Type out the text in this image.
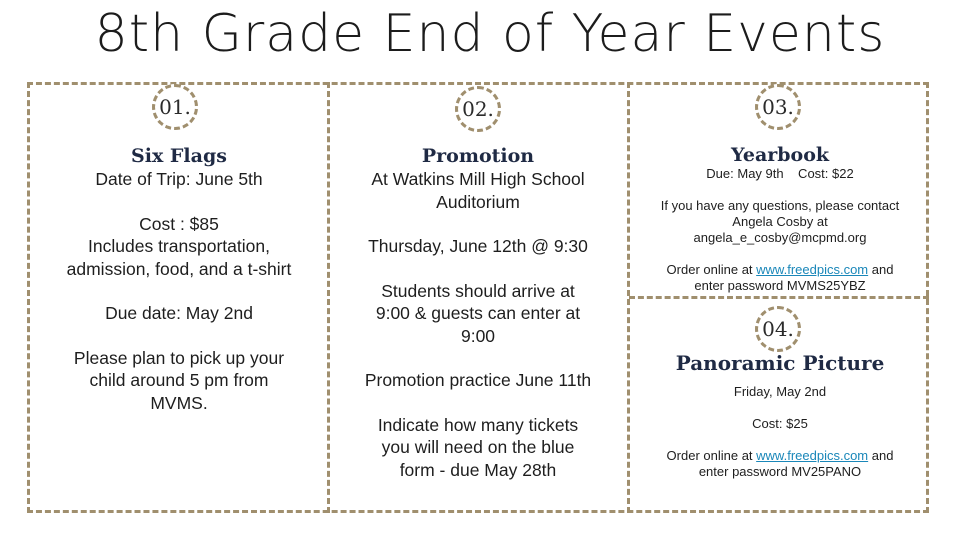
8th Grade End of Year Events
01.	02.	03.
04.
Six Flags
Date of Trip: June 5th
Cost : $85
Includes transportation,
admission, food, and a t-shirt
Due date: May 2nd
Please plan to pick up your
child around 5 pm from
MVMS.
Promotion
At Watkins Mill High School
Auditorium
Thursday, June 12th @ 9:30
Students should arrive at
9:00 & guests can enter at
9:00
Promotion practice June 11th
Indicate how many tickets
you will need on the blue
form - due May 28th
Yearbook
Due: May 9th    Cost: $22
If you have any questions, please contact
Angela Cosby at
angela_e_cosby@mcpmd.org
Order online at www.freedpics.com and
enter password MVMS25YBZ
Panoramic Picture
Friday, May 2nd
Cost: $25
Order online at www.freedpics.com and
enter password MV25PANO
